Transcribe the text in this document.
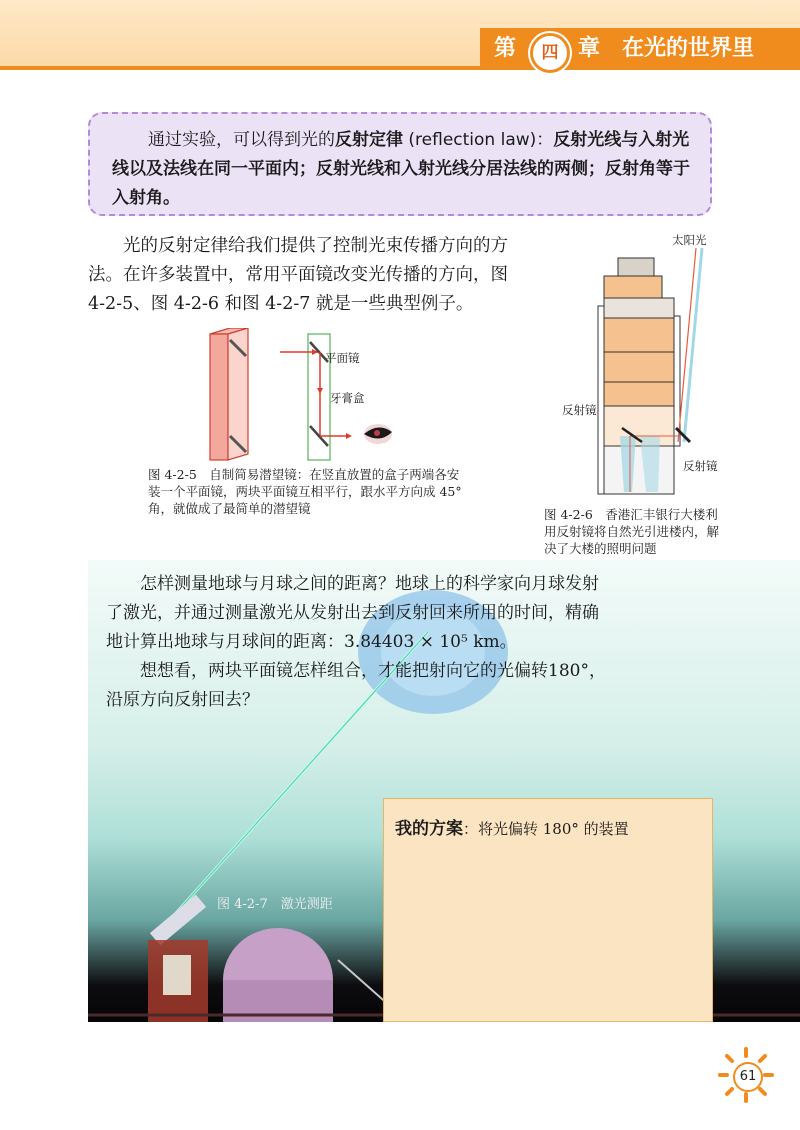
第	四 章 在光的世界里
通过实验，可以得到光的反射定律 (reflection law)：反射光线与入射光线以及法线在同一平面内；反射光线和入射光线分居法线的两侧；反射角等于入射角。
光的反射定律给我们提供了控制光束传播方向的方法。在许多装置中，常用平面镜改变光传播的方向，图 4-2-5、图 4-2-6 和图 4-2-7 就是一些典型例子。
平面镜
牙膏盒
图 4-2-5　自制简易潜望镜：在竖直放置的盒子两端各安装一个平面镜，两块平面镜互相平行，跟水平方向成 45° 角，就做成了最简单的潜望镜
太阳光
反射镜
反射镜
图 4-2-6　香港汇丰银行大楼利用反射镜将自然光引进楼内，解决了大楼的照明问题
怎样测量地球与月球之间的距离？地球上的科学家向月球发射了激光，并通过测量激光从发射出去到反射回来所用的时间，精确地计算出地球与月球间的距离：3.84403 × 10⁵ km。
想想看，两块平面镜怎样组合，才能把射向它的光偏转180°，沿原方向反射回去？
图 4-2-7　激光测距
我的方案：将光偏转 180° 的装置
61
